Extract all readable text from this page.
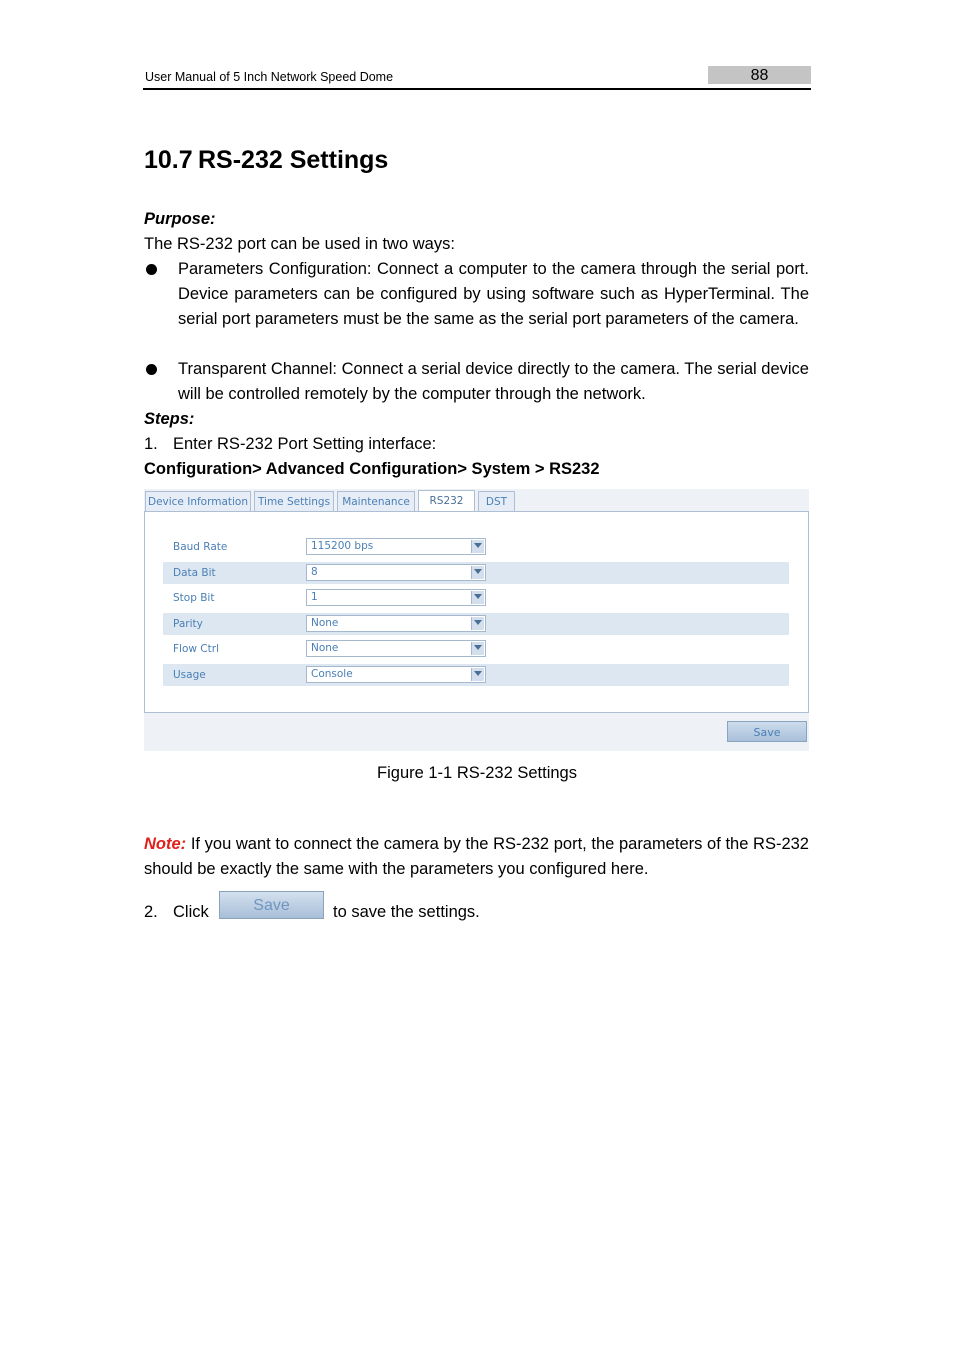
User Manual of 5 Inch Network Speed Dome	88
10.7 RS-232 Settings
Purpose:
The RS-232 port can be used in two ways:
Parameters Configuration: Connect a computer to the camera through the serial port. Device parameters can be configured by using software such as HyperTerminal. The serial port parameters must be the same as the serial port parameters of the camera.
Transparent Channel: Connect a serial device directly to the camera. The serial device will be controlled remotely by the computer through the network.
Steps:
1. Enter RS-232 Port Setting interface:
Configuration> Advanced Configuration> System > RS232
Device Information Time Settings	Maintenance	RS232	DST
Baud Rate	115200 bps
Data Bit	8
Stop Bit	1
Parity	None
Flow Ctrl	None
Usage	Console
Save
Figure 1-1 RS-232 Settings
Note: If you want to connect the camera by the RS-232 port, the parameters of the RS-232 should be exactly the same with the parameters you configured here.
2. Click	Save	to save the settings.
